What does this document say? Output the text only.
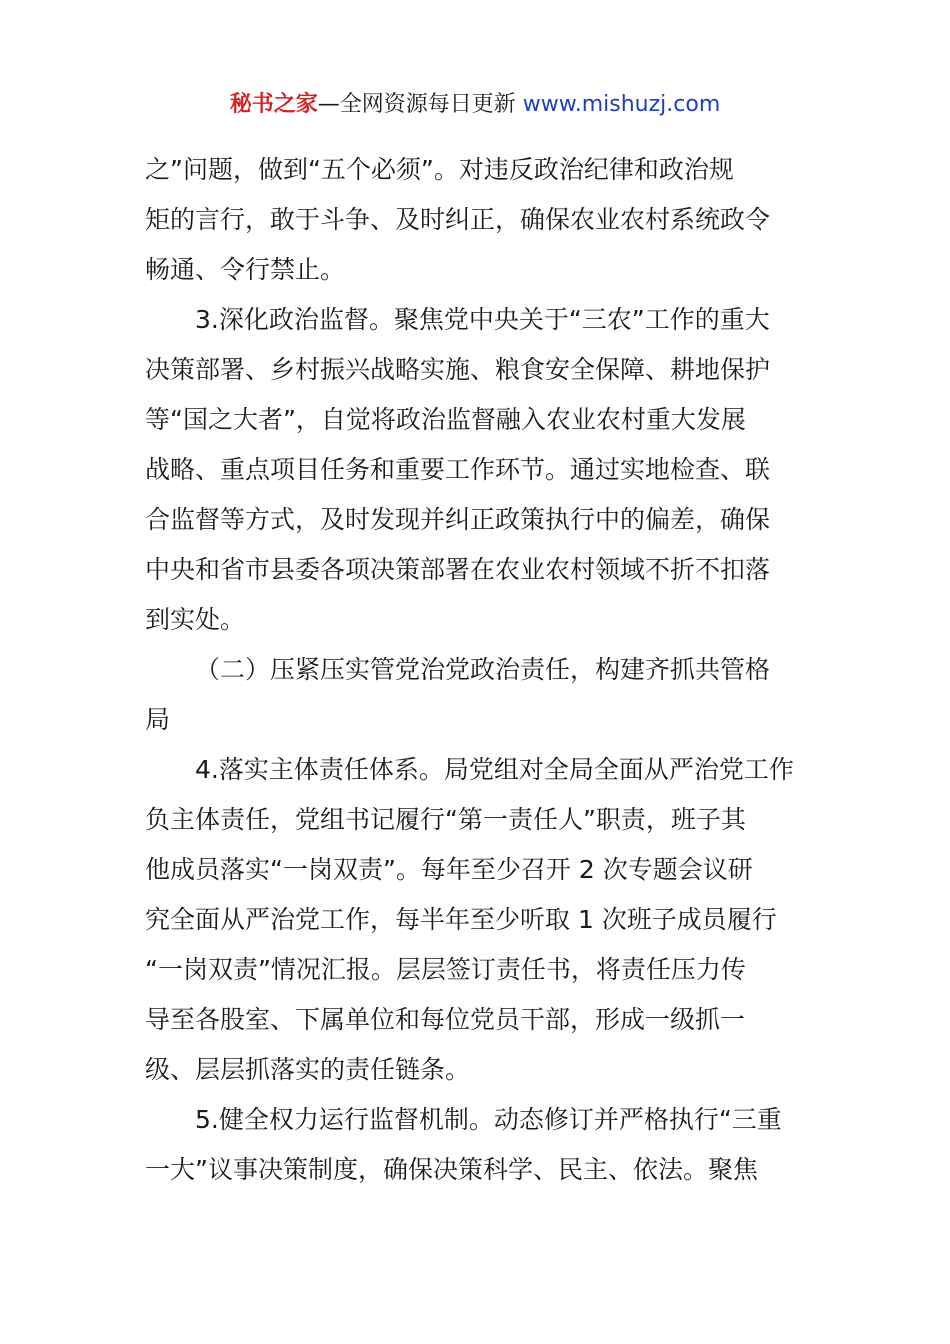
秘书之家—全网资源每日更新 www.mishuzj.com
之”问题，做到“五个必须”。对违反政治纪律和政治规
矩的言行，敢于斗争、及时纠正，确保农业农村系统政令
畅通、令行禁止。
3.深化政治监督。聚焦党中央关于“三农”工作的重大
决策部署、乡村振兴战略实施、粮食安全保障、耕地保护
等“国之大者”，自觉将政治监督融入农业农村重大发展
战略、重点项目任务和重要工作环节。通过实地检查、联
合监督等方式，及时发现并纠正政策执行中的偏差，确保
中央和省市县委各项决策部署在农业农村领域不折不扣落
到实处。
（二）压紧压实管党治党政治责任，构建齐抓共管格
局
4.落实主体责任体系。局党组对全局全面从严治党工作
负主体责任，党组书记履行“第一责任人”职责，班子其
他成员落实“一岗双责”。每年至少召开 2 次专题会议研
究全面从严治党工作，每半年至少听取 1 次班子成员履行
“一岗双责”情况汇报。层层签订责任书，将责任压力传
导至各股室、下属单位和每位党员干部，形成一级抓一
级、层层抓落实的责任链条。
5.健全权力运行监督机制。动态修订并严格执行“三重
一大”议事决策制度，确保决策科学、民主、依法。聚焦
